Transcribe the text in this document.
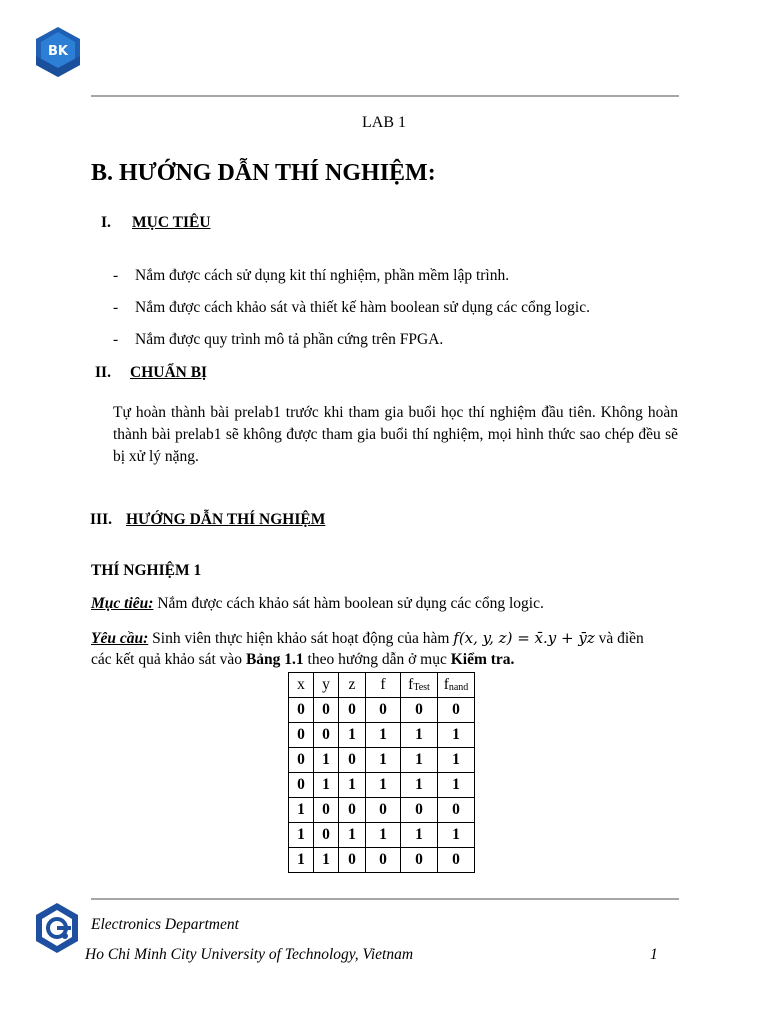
BK
LAB 1
B. HƯỚNG DẪN THÍ NGHIỆM:
I. MỤC TIÊU
- Nắm được cách sử dụng kit thí nghiệm, phần mềm lập trình.
- Nắm được cách khảo sát và thiết kế hàm boolean sử dụng các cổng logic.
- Nắm được quy trình mô tả phần cứng trên FPGA.
II. CHUẨN BỊ
Tự hoàn thành bài prelab1 trước khi tham gia buổi học thí nghiệm đầu tiên. Không hoàn thành bài prelab1 sẽ không được tham gia buổi thí nghiệm, mọi hình thức sao chép đều sẽ bị xử lý nặng.
III. HƯỚNG DẪN THÍ NGHIỆM
THÍ NGHIỆM 1
Mục tiêu: Nắm được cách khảo sát hàm boolean sử dụng các cổng logic.
Yêu cầu: Sinh viên thực hiện khảo sát hoạt động của hàm f(x, y, z) = x̄.y + ȳz và điền
các kết quả khảo sát vào Bảng 1.1 theo hướng dẫn ở mục Kiểm tra.
x	y	z	f	$f_{Test}$	$f_{nand}$
0	0	0	0	0	0
0	0	1	1	1	1
0	1	0	1	1	1
0	1	1	1	1	1
1	0	0	0	0	0
1	0	1	1	1	1
1	1	0	0	0	0
Electronics Department
Ho Chi Minh City University of Technology, Vietnam	1
